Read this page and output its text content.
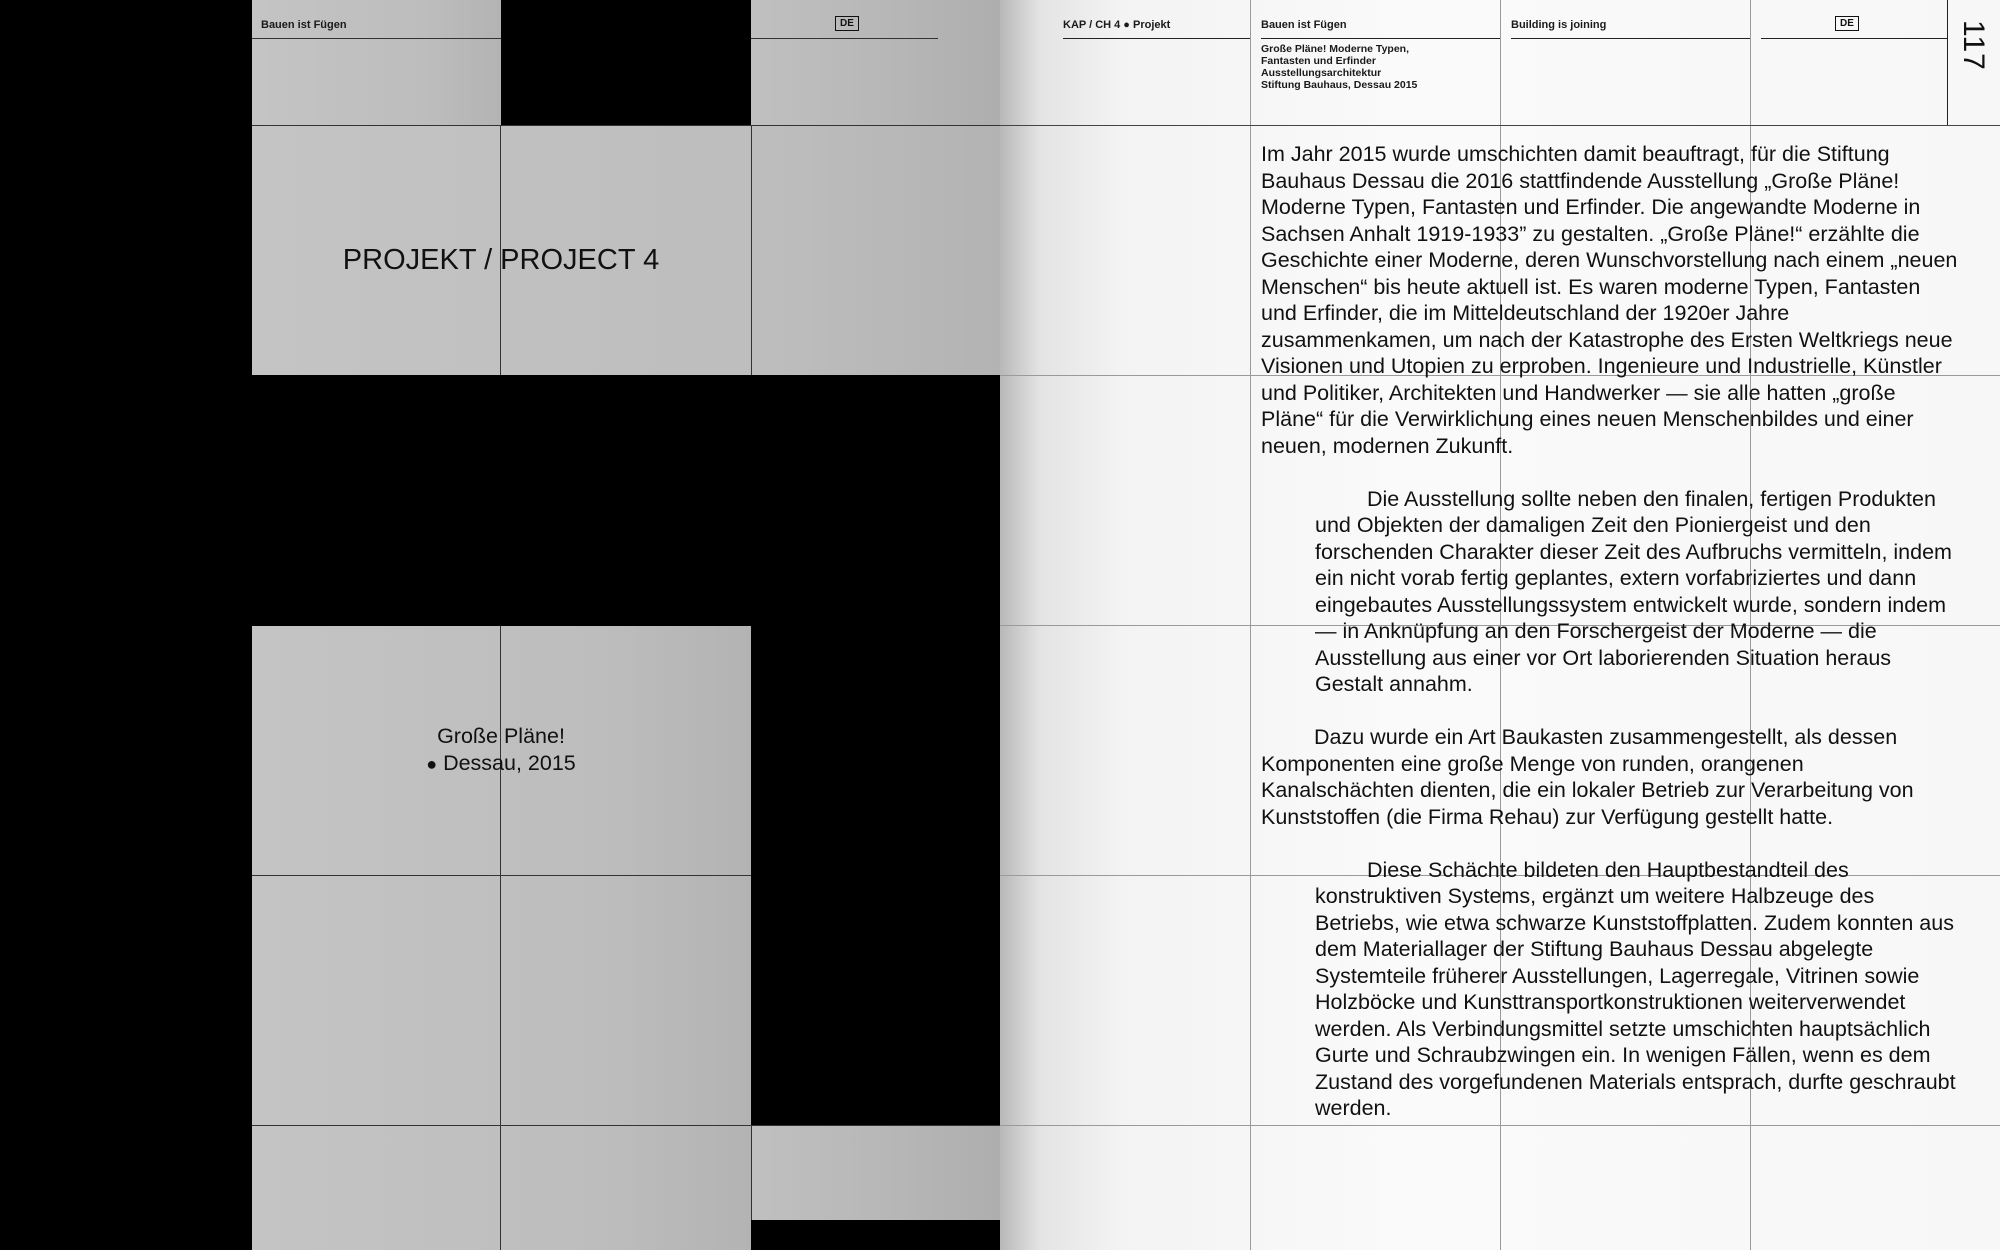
Bauen ist Fügen	DE
PROJEKT / PROJECT 4
Große Pläne!
● Dessau, 2015
KAP / CH 4 ● Projekt	Bauen ist Fügen	Building is joining	DE	117
Große Pläne! Moderne Typen,
Fantasten und Erfinder
Ausstellungsarchitektur
Stiftung Bauhaus, Dessau 2015

Im Jahr 2015 wurde umschichten damit beauftragt, für die Stiftung Bauhaus Dessau die 2016 stattfindende Ausstellung „Große Pläne! Moderne Typen, Fantasten und Erfinder. Die angewandte Moderne in Sachsen Anhalt 1919-1933” zu gestalten. „Große Pläne!“ erzählte die Geschichte einer Moderne, deren Wunschvorstellung nach einem „neuen Menschen“ bis heute aktuell ist. Es waren moderne Typen, Fantasten und Erfinder, die im Mitteldeutschland der 1920er Jahre zusammenkamen, um nach der Katastrophe des Ersten Weltkriegs neue Visionen und Utopien zu erproben. Ingenieure und Industrielle, Künstler und Politiker, Architekten und Handwerker — sie alle hatten „große Pläne“ für die Verwirklichung eines neuen Menschenbildes und einer neuen, modernen Zukunft.

Die Ausstellung sollte neben den finalen, fertigen Produkten und Objekten der damaligen Zeit den Pioniergeist und den forschenden Charakter dieser Zeit des Aufbruchs vermitteln, indem ein nicht vorab fertig geplantes, extern vorfabriziertes und dann eingebautes Ausstellungssystem entwickelt wurde, sondern indem — in Anknüpfung an den Forschergeist der Moderne — die Ausstellung aus einer vor Ort laborierenden Situation heraus Gestalt annahm.

Dazu wurde ein Art Baukasten zusammengestellt, als dessen Komponenten eine große Menge von runden, orangenen Kanalschächten dienten, die ein lokaler Betrieb zur Verarbeitung von Kunststoffen (die Firma Rehau) zur Verfügung gestellt hatte.

Diese Schächte bildeten den Hauptbestandteil des konstruktiven Systems, ergänzt um weitere Halbzeuge des Betriebs, wie etwa schwarze Kunststoffplatten. Zudem konnten aus dem Materiallager der Stiftung Bauhaus Dessau abgelegte Systemteile früherer Ausstellungen, Lagerregale, Vitrinen sowie Holzböcke und Kunsttransportkonstruktionen weiterverwendet werden. Als Verbindungsmittel setzte umschichten hauptsächlich Gurte und Schraubzwingen ein. In wenigen Fällen, wenn es dem Zustand des vorgefundenen Materials entsprach, durfte geschraubt werden.
